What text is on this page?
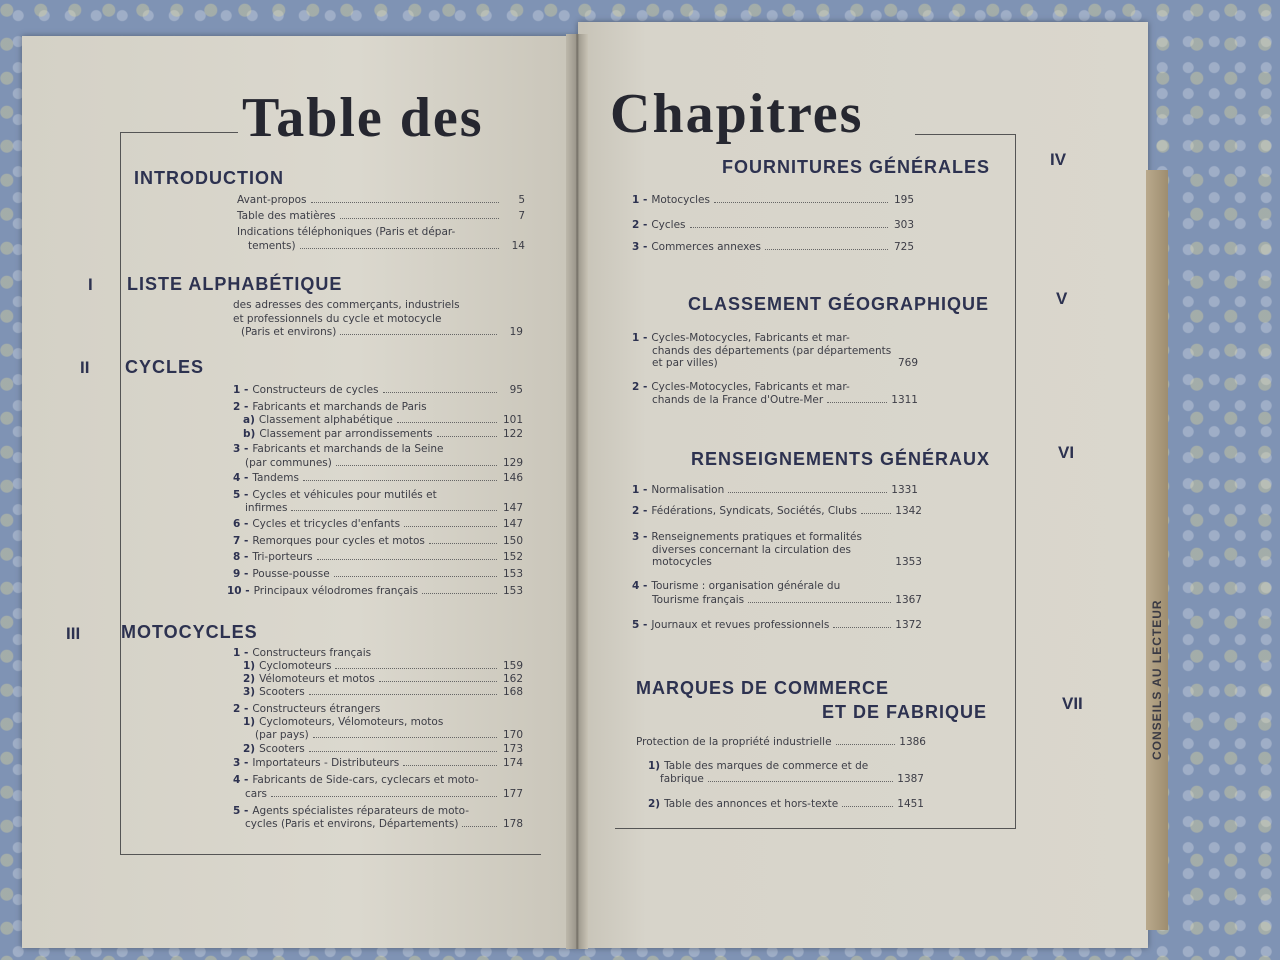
CONSEILS AU LECTEUR
Table des Chapitres
INTRODUCTION
Avant-propos	5
Table des matières	7
Indications téléphoniques (Paris et dépar-
tements)	14
I LISTE ALPHABÉTIQUE
des adresses des commerçants, industriels
et professionnels du cycle et motocycle
(Paris et environs)	19
II CYCLES
1 - Constructeurs de cycles	95
2 - Fabricants et marchands de Paris
a) Classement alphabétique	101
b) Classement par arrondissements	122
3 - Fabricants et marchands de la Seine
(par communes)	129
4 - Tandems	146
5 - Cycles et véhicules pour mutilés et
infirmes	147
6 - Cycles et tricycles d'enfants	147
7 - Remorques pour cycles et motos	150
8 - Tri-porteurs	152
9 - Pousse-pousse	153
10 - Principaux vélodromes français	153
III MOTOCYCLES
1 - Constructeurs français
1) Cyclomoteurs	159
2) Vélomoteurs et motos	162
3) Scooters	168
2 - Constructeurs étrangers
1) Cyclomoteurs, Vélomoteurs, motos
(par pays)	170
2) Scooters	173
3 - Importateurs - Distributeurs	174
4 - Fabricants de Side-cars, cyclecars et moto-
cars	177
5 - Agents spécialistes réparateurs de moto-
cycles (Paris et environs, Départements)	178
FOURNITURES GÉNÉRALES	IV
1 - Motocycles	195
2 - Cycles	303
3 - Commerces annexes	725
CLASSEMENT GÉOGRAPHIQUE	V
1 - Cycles-Motocycles, Fabricants et mar-
chands des départements (par départements
et par villes)	769
2 - Cycles-Motocycles, Fabricants et mar-
chands de la France d'Outre-Mer	1311
RENSEIGNEMENTS GÉNÉRAUX	VI
1 - Normalisation	1331
2 - Fédérations, Syndicats, Sociétés, Clubs	1342
3 - Renseignements pratiques et formalités
diverses concernant la circulation des
motocycles	1353
4 - Tourisme : organisation générale du
Tourisme français	1367
5 - Journaux et revues professionnels	1372
MARQUES DE COMMERCE
ET DE FABRIQUE	VII
Protection de la propriété industrielle	1386
1) Table des marques de commerce et de
fabrique	1387
2) Table des annonces et hors-texte	1451
